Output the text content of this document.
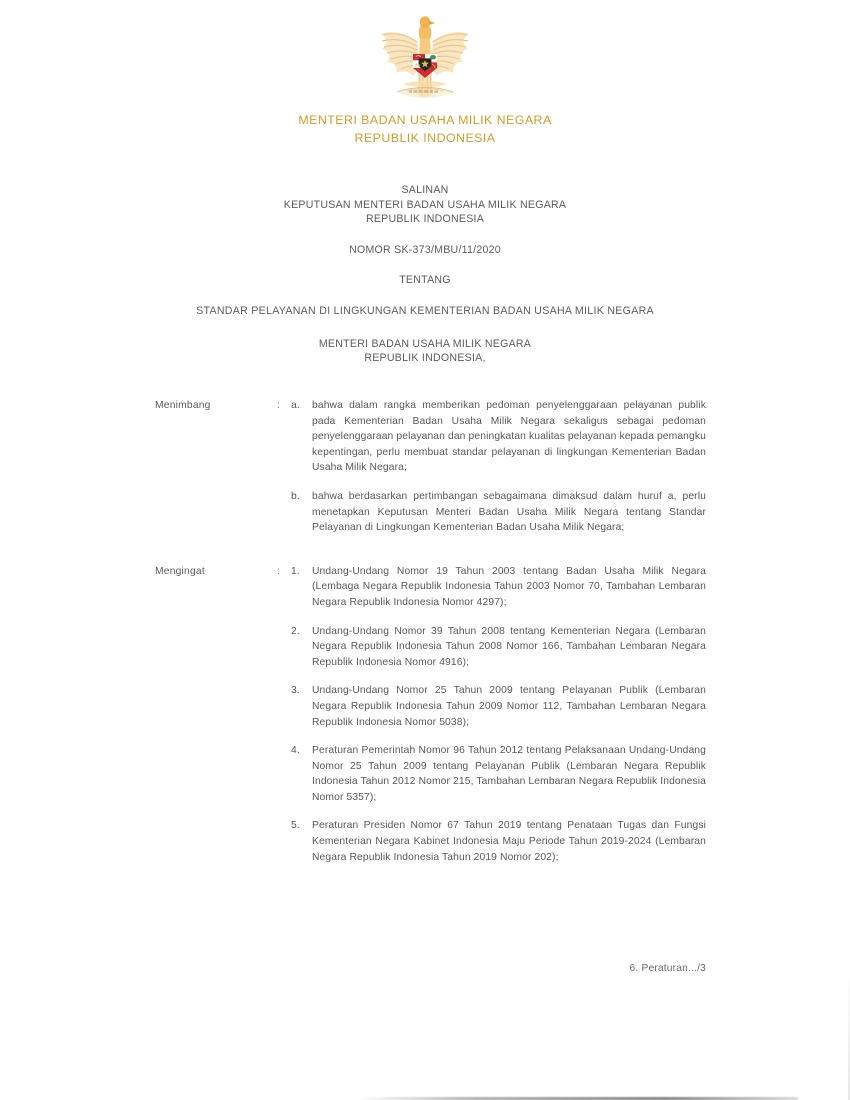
MENTERI BADAN USAHA MILIK NEGARA
REPUBLIK INDONESIA
SALINAN
KEPUTUSAN MENTERI BADAN USAHA MILIK NEGARA
REPUBLIK INDONESIA
NOMOR SK-373/MBU/11/2020
TENTANG
STANDAR PELAYANAN DI LINGKUNGAN KEMENTERIAN BADAN USAHA MILIK NEGARA
MENTERI BADAN USAHA MILIK NEGARA
REPUBLIK INDONESIA,
Menimbang	: a. bahwa dalam rangka memberikan pedoman penyelenggaraan pelayanan publik pada Kementerian Badan Usaha Milik Negara sekaligus sebagai pedoman penyelenggaraan pelayanan dan peningkatan kualitas pelayanan kepada pemangku kepentingan, perlu membuat standar pelayanan di lingkungan Kementerian Badan Usaha Milik Negara;
b. bahwa berdasarkan pertimbangan sebagaimana dimaksud dalam huruf a, perlu menetapkan Keputusan Menteri Badan Usaha Milik Negara tentang Standar Pelayanan di Lingkungan Kementerian Badan Usaha Milik Negara;
Mengingat	: 1. Undang-Undang Nomor 19 Tahun 2003 tentang Badan Usaha Milik Negara (Lembaga Negara Republik Indonesia Tahun 2003 Nomor 70, Tambahan Lembaran Negara Republik Indonesia Nomor 4297);
2. Undang-Undang Nomor 39 Tahun 2008 tentang Kementerian Negara (Lembaran Negara Republik Indonesia Tahun 2008 Nomor 166, Tambahan Lembaran Negara Republik Indonesia Nomor 4916);
3. Undang-Undang Nomor 25 Tahun 2009 tentang Pelayanan Publik (Lembaran Negara Republik Indonesia Tahun 2009 Nomor 112, Tambahan Lembaran Negara Republik Indonesia Nomor 5038);
4. Peraturan Pemerintah Nomor 96 Tahun 2012 tentang Pelaksanaan Undang-Undang Nomor 25 Tahun 2009 tentang Pelayanan Publik (Lembaran Negara Republik Indonesia Tahun 2012 Nomor 215, Tambahan Lembaran Negara Republik Indonesia Nomor 5357);
5. Peraturan Presiden Nomor 67 Tahun 2019 tentang Penataan Tugas dan Fungsi Kementerian Negara Kabinet Indonesia Maju Periode Tahun 2019-2024 (Lembaran Negara Republik Indonesia Tahun 2019 Nomor 202);
6. Peraturan.../3
